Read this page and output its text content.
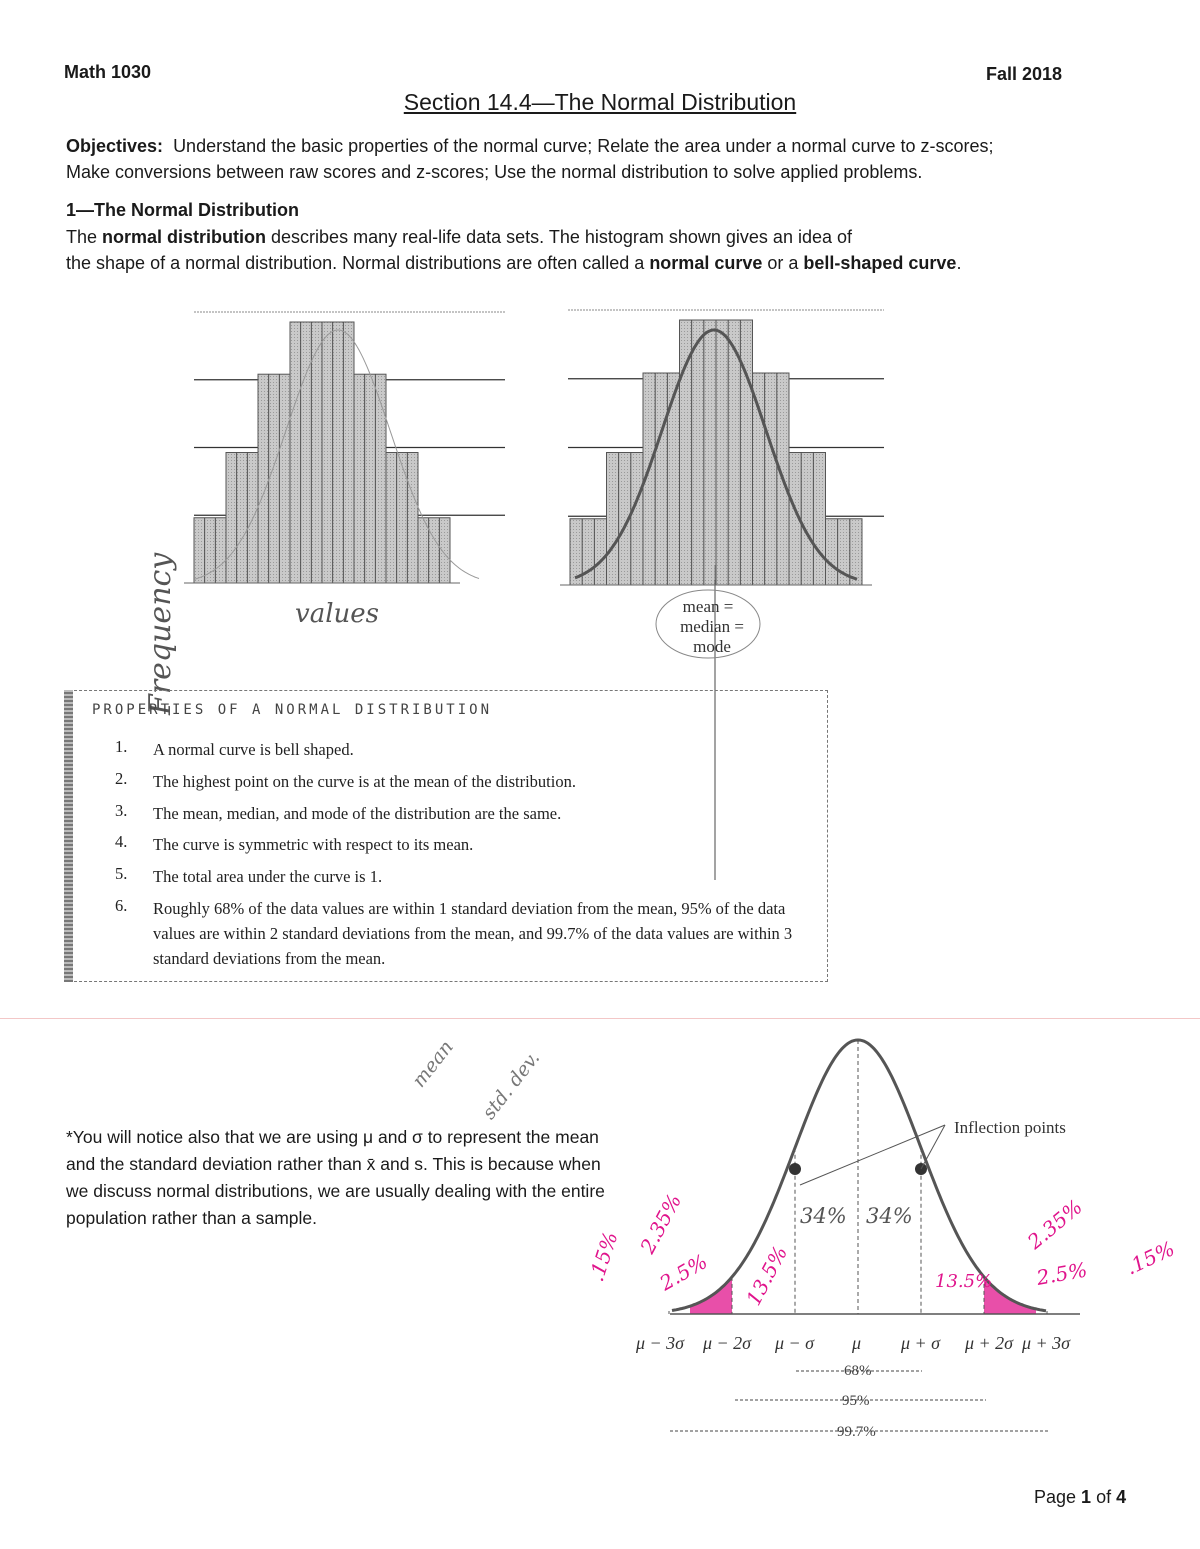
Math 1030	Fall 2018
Section 14.4—The Normal Distribution
Objectives: Understand the basic properties of the normal curve; Relate the area under a normal curve to z-scores;
Make conversions between raw scores and z-scores; Use the normal distribution to solve applied problems.
1—The Normal Distribution
The normal distribution describes many real-life data sets. The histogram shown gives an idea of
the shape of a normal distribution. Normal distributions are often called a normal curve or a bell-shaped curve.
Frequency	values	mean =
median =
mode
PROPERTIES OF A NORMAL DISTRIBUTION
1. A normal curve is bell shaped.
2. The highest point on the curve is at the mean of the distribution.
3. The mean, median, and mode of the distribution are the same.
4. The curve is symmetric with respect to its mean.
5. The total area under the curve is 1.
6. Roughly 68% of the data values are within 1 standard deviation from the mean, 95% of the data values are within 2 standard deviations from the mean, and 99.7% of the data values are within 3 standard deviations from the mean.
*You will notice also that we are using μ and σ to represent the mean and the standard deviation rather than x̄ and s. This is because when we discuss normal distributions, we are usually dealing with the entire population rather than a sample.
mean std. dev.
Inflection points
μ − 3σ μ − 2σ μ − σ μ μ + σ μ + 2σ μ + 3σ
68%
95%
99.7%
34% 34%
2.35%	2.35%
2.5%	2.5%
13.5%	13.5%
.15%	.15%
Page 1 of 4
